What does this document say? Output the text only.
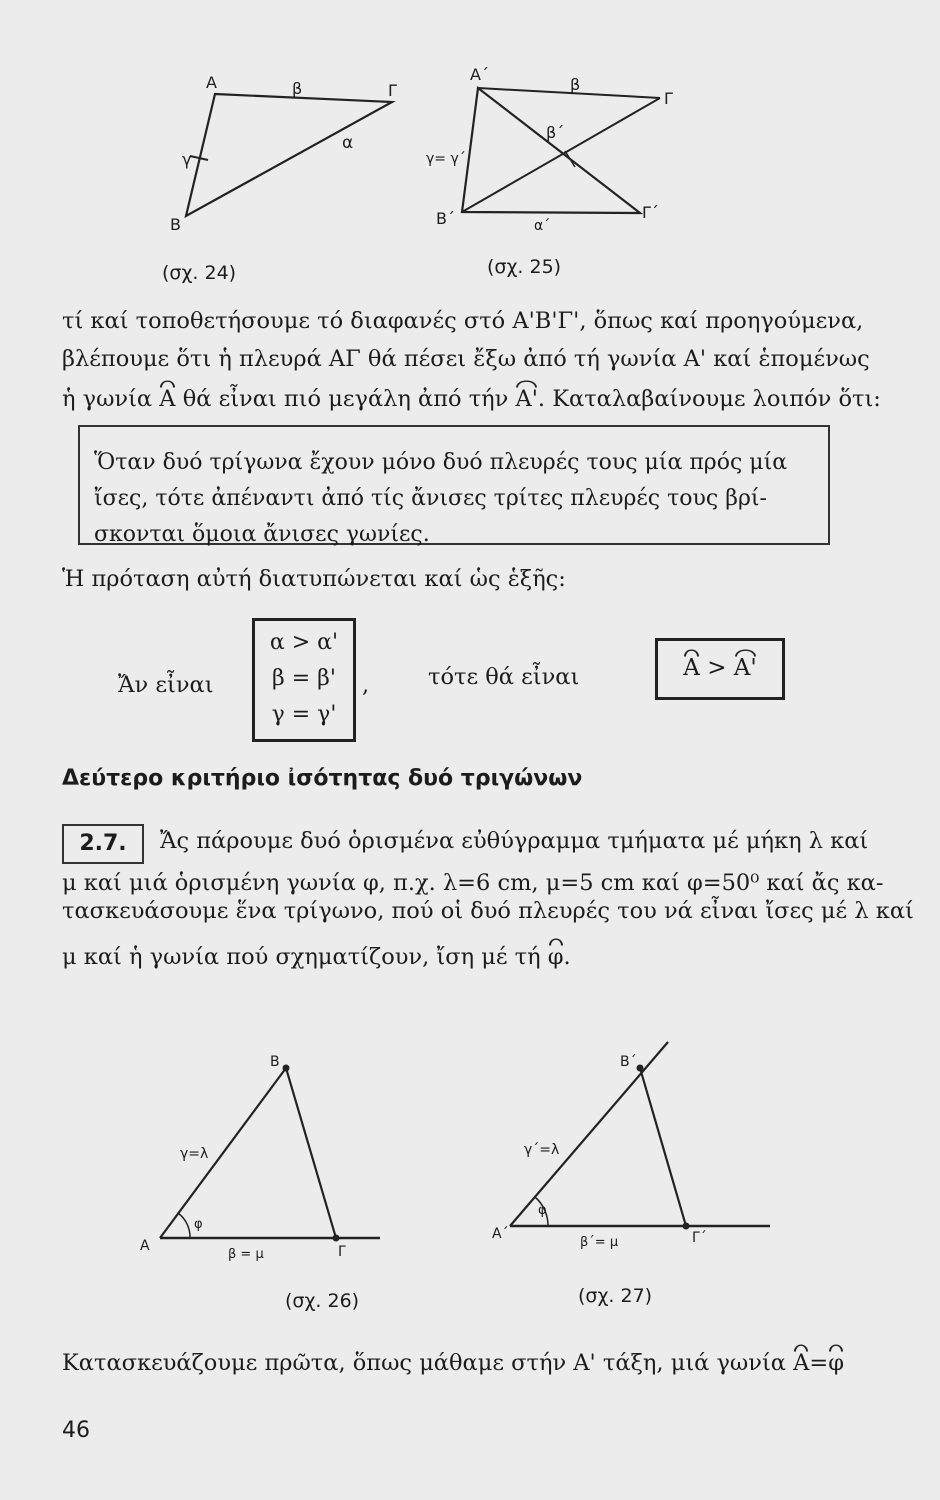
A	β	Γ
α
γ
B
(σχ. 24)
A´
β
Γ
β´
γ= γ´
B´	Γ´
α´
(σχ. 25)
τί καί τοποθετήσουμε τό διαφανές στό Α'Β'Γ', ὅπως καί προηγούμενα,
βλέπουμε ὅτι ἡ πλευρά ΑΓ θά πέσει ἔξω ἀπό τή γωνία Α' καί ἑπομένως
ἡ γωνία Α θά εἶναι πιό μεγάλη ἀπό τήν Α'. Καταλαβαίνουμε λοιπόν ὅτι:
Ὅταν δυό τρίγωνα ἔχουν μόνο δυό πλευρές τους μία πρός μία
ἴσες, τότε ἀπέναντι ἀπό τίς ἄνισες τρίτες πλευρές τους βρί-
σκονται ὅμοια ἄνισες γωνίες.
Ἡ πρόταση αὐτή διατυπώνεται καί ὡς ἑξῆς:
Ἄν εἶναι
α > α'
β = β'
γ = γ'
,	τότε θά εἶναι	Α > Α'
Δεύτερο κριτήριο ἰσότητας δυό τριγώνων
2.7.	Ἄς πάρουμε δυό ὁρισμένα εὐθύγραμμα τμήματα μέ μήκη λ καί
μ καί μιά ὁρισμένη γωνία φ, π.χ. λ=6 cm, μ=5 cm καί φ=50⁰ καί ἄς κα-
τασκευάσουμε ἕνα τρίγωνο, πού οἱ δυό πλευρές του νά εἶναι ἴσες μέ λ καί
μ καί ἡ γωνία πού σχηματίζουν, ἴση μέ τή φ.
A
B
Γ
γ=λ
φ
β = μ
(σχ. 26)
A´
B´
Γ´
γ´=λ
φ
β´= μ
(σχ. 27)
Κατασκευάζουμε πρῶτα, ὅπως μάθαμε στήν Α' τάξη, μιά γωνία Α=φ
46
